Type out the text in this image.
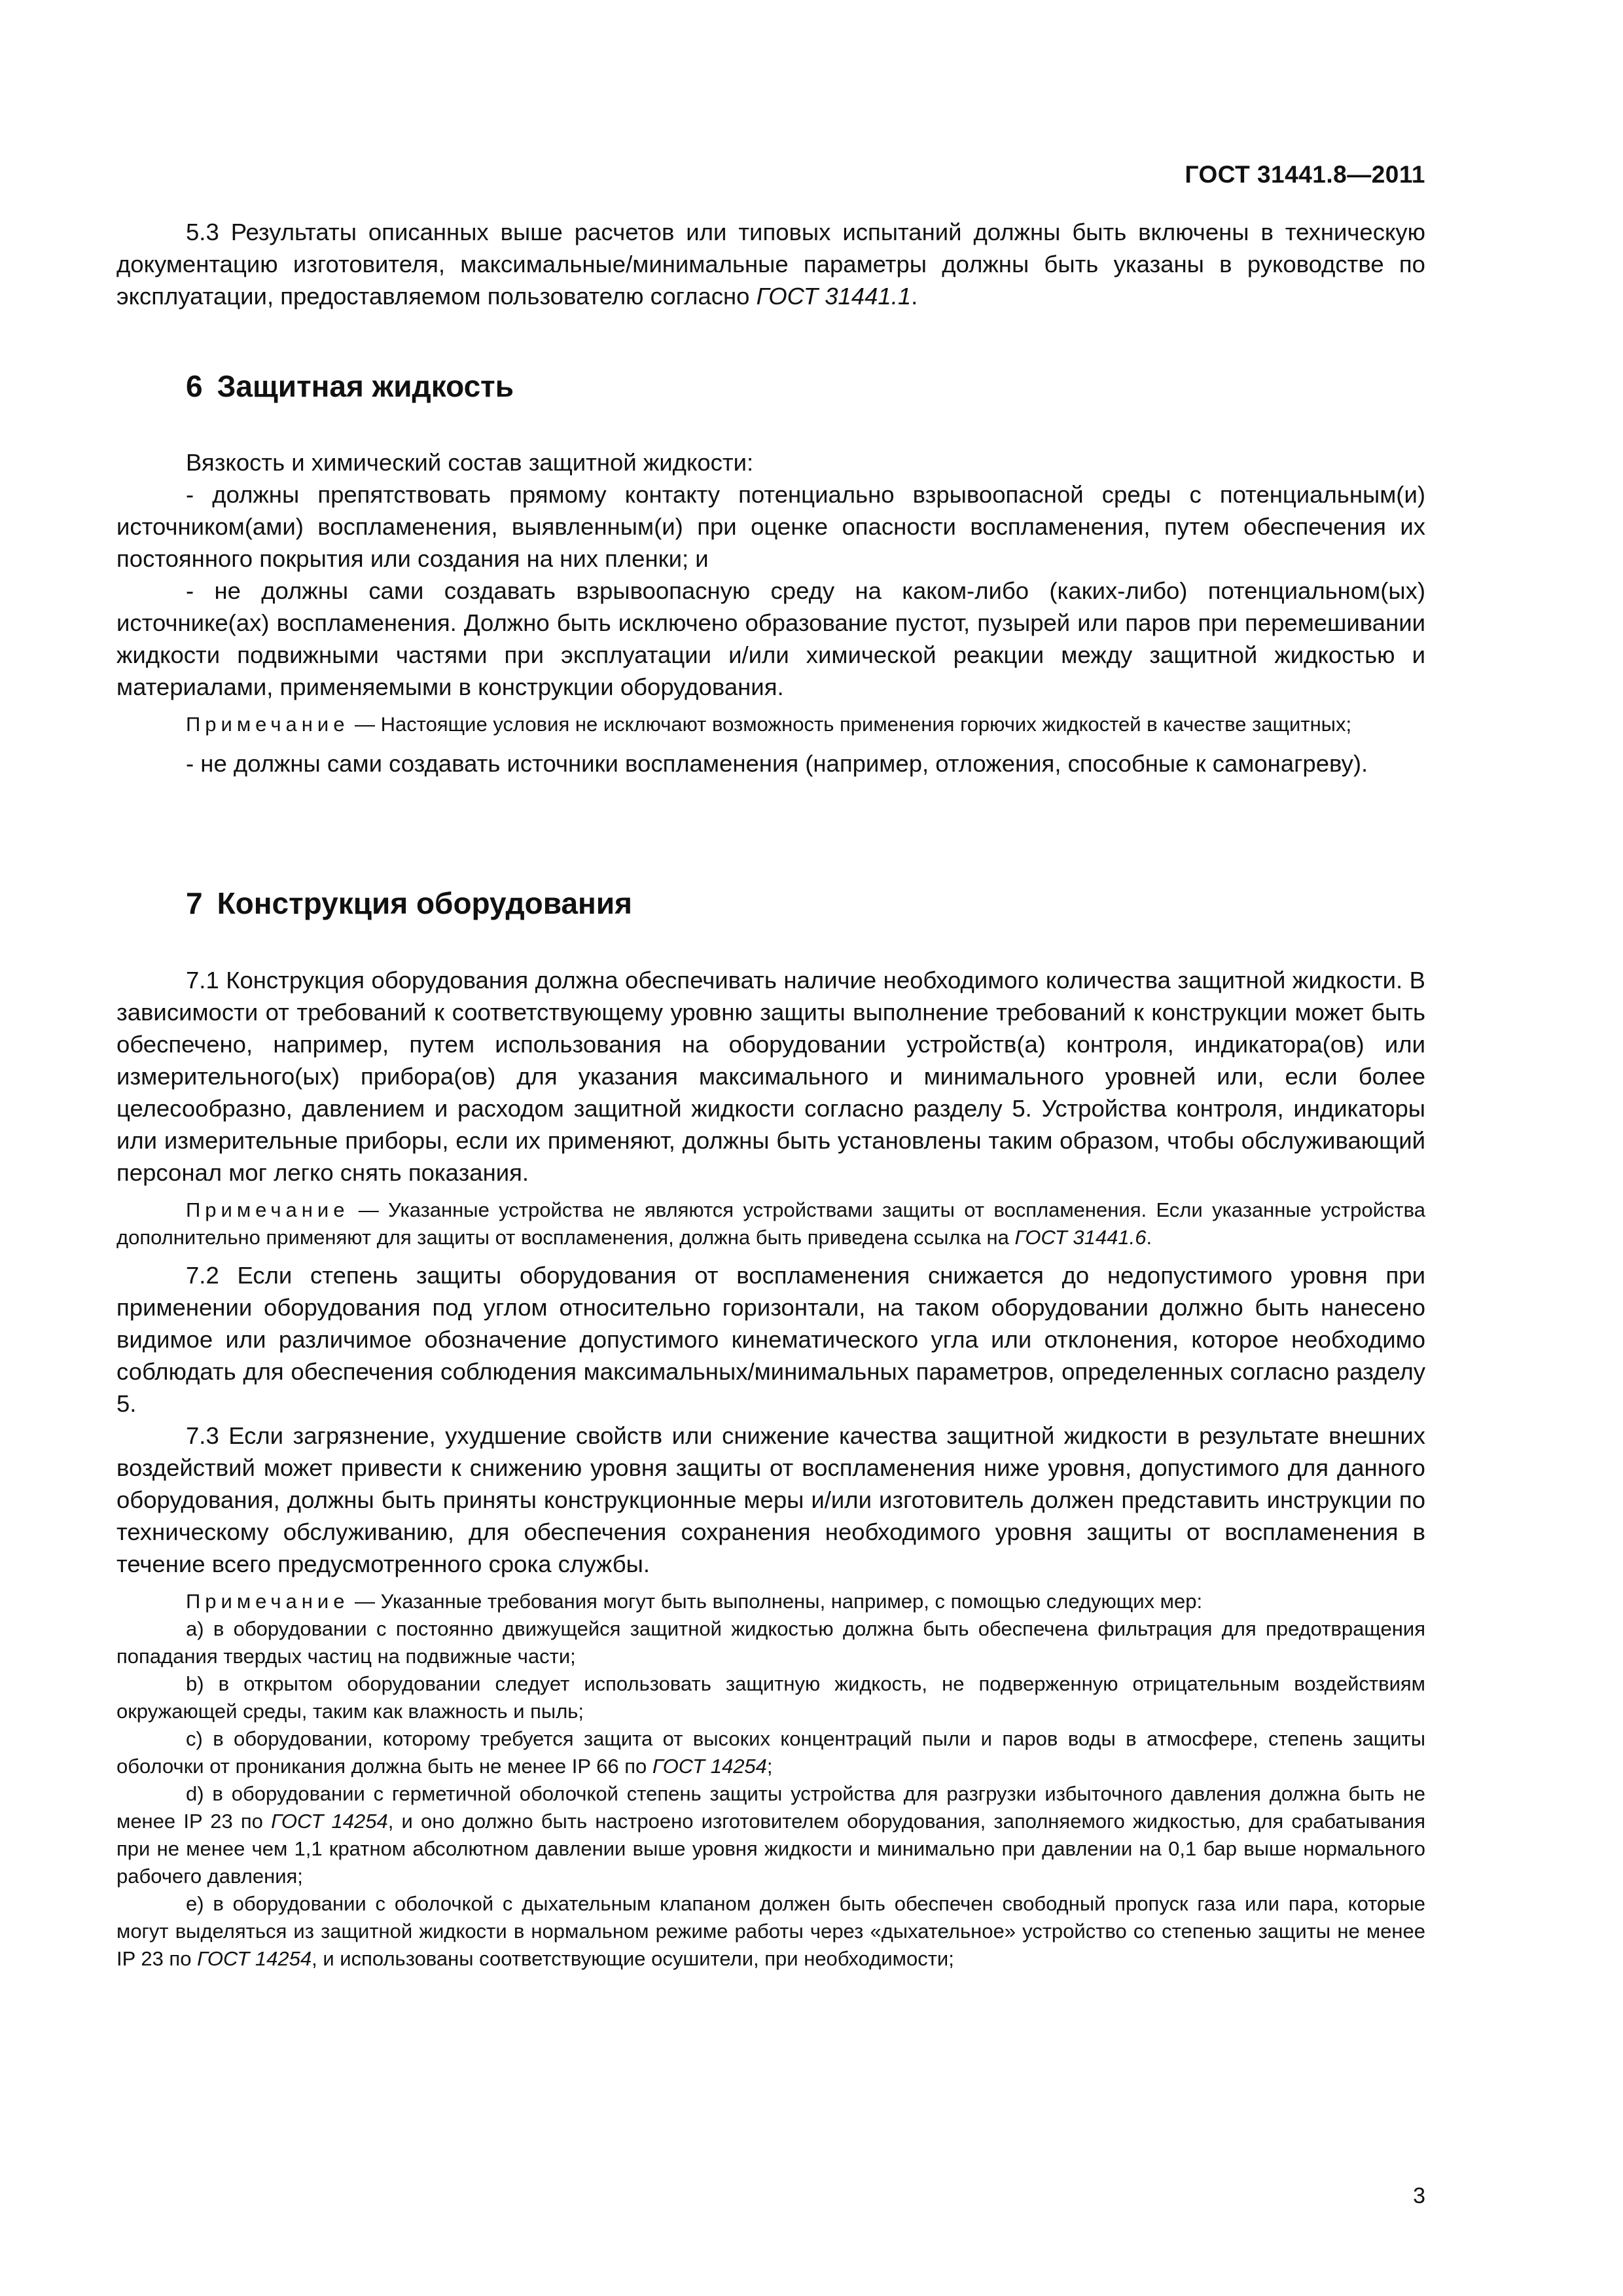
ГОСТ 31441.8—2011

5.3 Результаты описанных выше расчетов или типовых испытаний должны быть включены в техническую документацию изготовителя, максимальные/минимальные параметры должны быть указаны в руководстве по эксплуатации, предоставляемом пользователю согласно ГОСТ 31441.1.

6 Защитная жидкость

Вязкость и химический состав защитной жидкости:

- должны препятствовать прямому контакту потенциально взрывоопасной среды с потенциальным(и) источником(ами) воспламенения, выявленным(и) при оценке опасности воспламенения, путем обеспечения их постоянного покрытия или создания на них пленки; и

- не должны сами создавать взрывоопасную среду на каком-либо (каких-либо) потенциальном(ых) источнике(ах) воспламенения. Должно быть исключено образование пустот, пузырей или паров при перемешивании жидкости подвижными частями при эксплуатации и/или химической реакции между защитной жидкостью и материалами, применяемыми в конструкции оборудования.

Примечание — Настоящие условия не исключают возможность применения горючих жидкостей в качестве защитных;

- не должны сами создавать источники воспламенения (например, отложения, способные к самонагреву).

7 Конструкция оборудования

7.1 Конструкция оборудования должна обеспечивать наличие необходимого количества защитной жидкости. В зависимости от требований к соответствующему уровню защиты выполнение требований к конструкции может быть обеспечено, например, путем использования на оборудовании устройств(а) контроля, индикатора(ов) или измерительного(ых) прибора(ов) для указания максимального и минимального уровней или, если более целесообразно, давлением и расходом защитной жидкости согласно разделу 5. Устройства контроля, индикаторы или измерительные приборы, если их применяют, должны быть установлены таким образом, чтобы обслуживающий персонал мог легко снять показания.

Примечание — Указанные устройства не являются устройствами защиты от воспламенения. Если указанные устройства дополнительно применяют для защиты от воспламенения, должна быть приведена ссылка на ГОСТ 31441.6.

7.2 Если степень защиты оборудования от воспламенения снижается до недопустимого уровня при применении оборудования под углом относительно горизонтали, на таком оборудовании должно быть нанесено видимое или различимое обозначение допустимого кинематического угла или отклонения, которое необходимо соблюдать для обеспечения соблюдения максимальных/минимальных параметров, определенных согласно разделу 5.

7.3 Если загрязнение, ухудшение свойств или снижение качества защитной жидкости в результате внешних воздействий может привести к снижению уровня защиты от воспламенения ниже уровня, допустимого для данного оборудования, должны быть приняты конструкционные меры и/или изготовитель должен представить инструкции по техническому обслуживанию, для обеспечения сохранения необходимого уровня защиты от воспламенения в течение всего предусмотренного срока службы.

Примечание — Указанные требования могут быть выполнены, например, с помощью следующих мер:

а) в оборудовании с постоянно движущейся защитной жидкостью должна быть обеспечена фильтрация для предотвращения попадания твердых частиц на подвижные части;

b) в открытом оборудовании следует использовать защитную жидкость, не подверженную отрицательным воздействиям окружающей среды, таким как влажность и пыль;

с) в оборудовании, которому требуется защита от высоких концентраций пыли и паров воды в атмосфере, степень защиты оболочки от проникания должна быть не менее IP 66 по ГОСТ 14254;

d) в оборудовании с герметичной оболочкой степень защиты устройства для разгрузки избыточного давления должна быть не менее IP 23 по ГОСТ 14254, и оно должно быть настроено изготовителем оборудования, заполняемого жидкостью, для срабатывания при не менее чем 1,1 кратном абсолютном давлении выше уровня жидкости и минимально при давлении на 0,1 бар выше нормального рабочего давления;

е) в оборудовании с оболочкой с дыхательным клапаном должен быть обеспечен свободный пропуск газа или пара, которые могут выделяться из защитной жидкости в нормальном режиме работы через «дыхательное» устройство со степенью защиты не менее IP 23 по ГОСТ 14254, и использованы соответствующие осушители, при необходимости;

3
